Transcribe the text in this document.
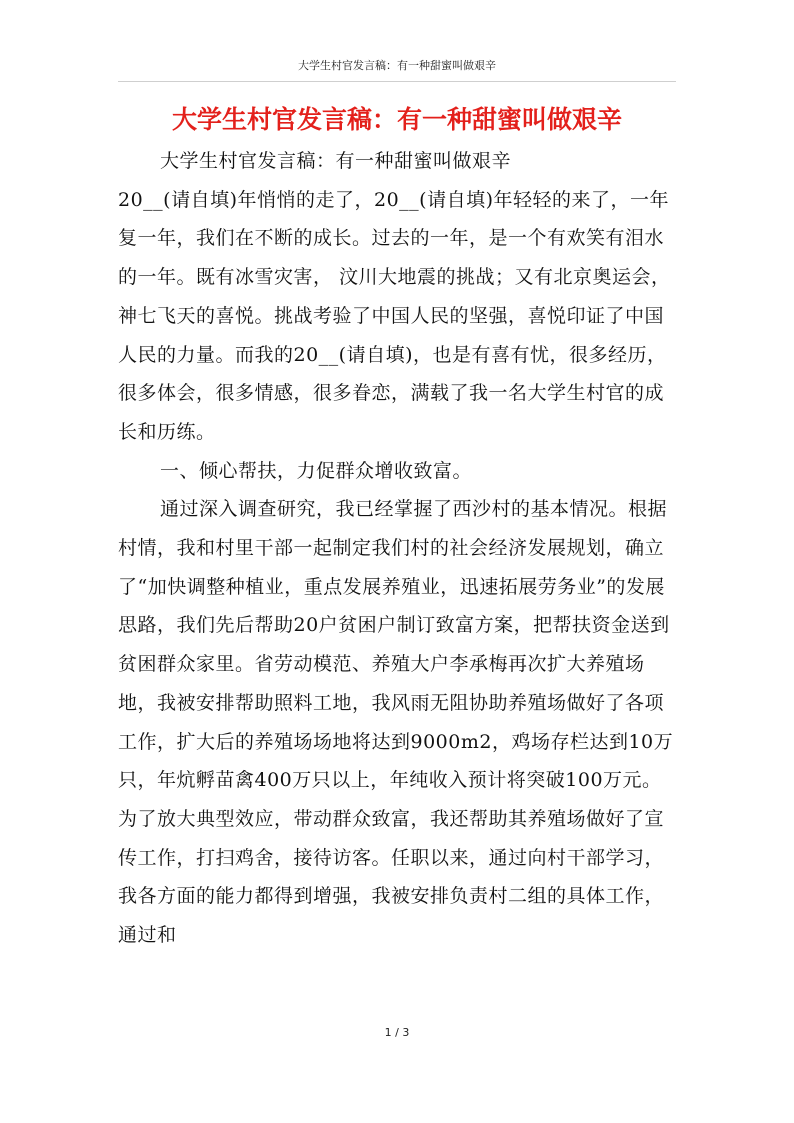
大学生村官发言稿：有一种甜蜜叫做艰辛
大学生村官发言稿：有一种甜蜜叫做艰辛

大学生村官发言稿：有一种甜蜜叫做艰辛

20__(请自填)年悄悄的走了，20__(请自填)年轻轻的来了，一年复一年，我们在不断的成长。过去的一年，是一个有欢笑有泪水的一年。既有冰雪灾害， 汶川大地震的挑战；又有北京奥运会，神七飞天的喜悦。挑战考验了中国人民的坚强，喜悦印证了中国人民的力量。而我的20__(请自填)，也是有喜有忧，很多经历，很多体会，很多情感，很多眷恋，满载了我一名大学生村官的成长和历练。

一、倾心帮扶，力促群众增收致富。

通过深入调查研究，我已经掌握了西沙村的基本情况。根据村情，我和村里干部一起制定我们村的社会经济发展规划，确立了“加快调整种植业，重点发展养殖业，迅速拓展劳务业”的发展思路，我们先后帮助20户贫困户制订致富方案，把帮扶资金送到贫困群众家里。省劳动模范、养殖大户李承梅再次扩大养殖场地，我被安排帮助照料工地，我风雨无阻协助养殖场做好了各项工作，扩大后的养殖场场地将达到9000m2，鸡场存栏达到10万只，年炕孵苗禽400万只以上，年纯收入预计将突破100万元。为了放大典型效应，带动群众致富，我还帮助其养殖场做好了宣传工作，打扫鸡舍，接待访客。任职以来，通过向村干部学习，我各方面的能力都得到增强，我被安排负责村二组的具体工作，通过和

1 / 3
